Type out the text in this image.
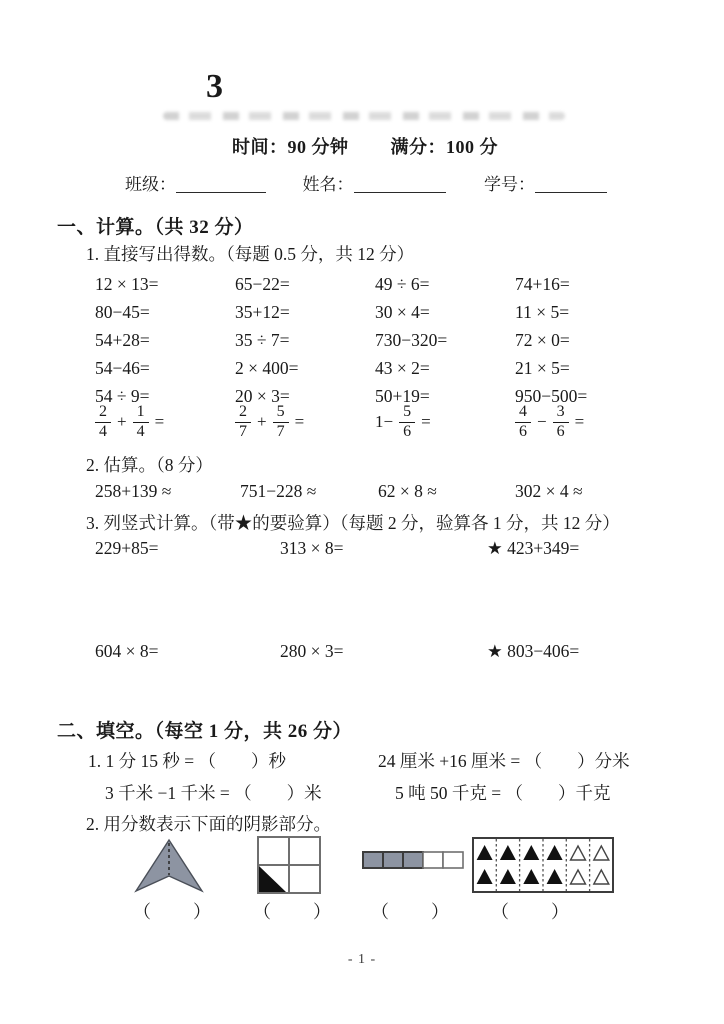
3
时间：90 分钟 满分：100 分
班级：	姓名：	学号：
一、计算。（共 32 分）
1. 直接写出得数。（每题 0.5 分，共 12 分）
12 × 13=	65−22=	49 ÷ 6=	74+16=
80−45=	35+12=	30 × 4=	11 × 5=
54+28=	35 ÷ 7=	730−320=	72 × 0=
54−46=	2 × 400=	43 × 2=	21 × 5=
54 ÷ 9=	20 × 3=	50+19=	950−500=
$\frac{2}{4} + \frac{1}{4}$ =	$\frac{2}{7} + \frac{5}{7}$ =	$1- \frac{5}{6}$ =	$\frac{4}{6} - \frac{3}{6}$ =
2. 估算。（8 分）
258+139 ≈	751−228 ≈	62 × 8 ≈	302 × 4 ≈
3. 列竖式计算。（带★的要验算）（每题 2 分，验算各 1 分，共 12 分）
229+85=	313 × 8=	★ 423+349=
604 × 8=	280 × 3=	★ 803−406=
二、填空。（每空 1 分，共 26 分）
1. 1 分 15 秒 = （　　）秒	24 厘米 +16 厘米 = （　　）分米
3 千米 −1 千米 = （　　）米	5 吨 50 千克 = （　　）千克
2. 用分数表示下面的阴影部分。
（　　） （　　） （　　） （　　）
- 1 -
